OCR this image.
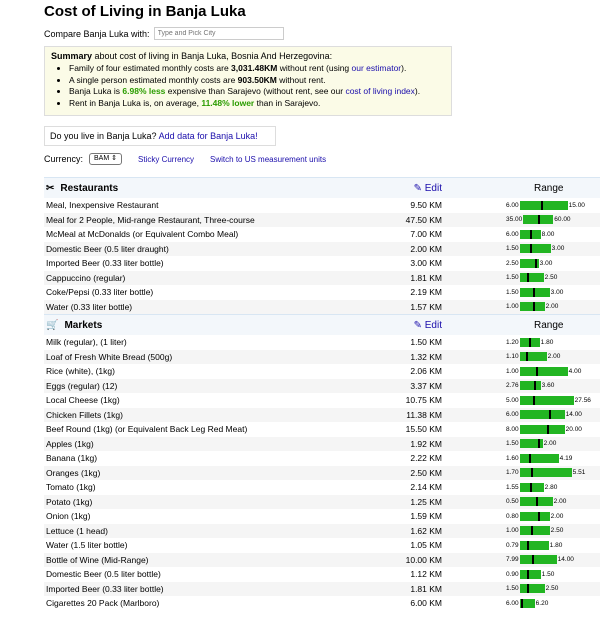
Cost of Living in Banja Luka
Compare Banja Luka with:
Type and Pick City
Summary about cost of living in Banja Luka, Bosnia And Herzegovina:
• Family of four estimated monthly costs are 3,031.48KM without rent (using our estimator).
• A single person estimated monthly costs are 903.50KM without rent.
• Banja Luka is 6.98% less expensive than Sarajevo (without rent, see our cost of living index).
• Rent in Banja Luka is, on average, 11.48% lower than in Sarajevo.
Do you live in Banja Luka? Add data for Banja Luka!
Currency:	BAM ⇕	Sticky Currency Switch to US measurement units
✂ Restaurants	✎ Edit	Range
Meal, Inexpensive Restaurant	9.50 KM	6.00 15.00

Meal for 2 People, Mid-range Restaurant, Three-course	47.50 KM	35.00 60.00

McMeal at McDonalds (or Equivalent Combo Meal)	7.00 KM	6.00 8.00

Domestic Beer (0.5 liter draught)	2.00 KM	1.50 3.00

Imported Beer (0.33 liter bottle)	3.00 KM	2.50 3.00

Cappuccino (regular)	1.81 KM	1.50 2.50

Coke/Pepsi (0.33 liter bottle)	2.19 KM	1.50 3.00

Water (0.33 liter bottle)	1.57 KM	1.00 2.00

🛒 Markets	✎ Edit	Range
Milk (regular), (1 liter)	1.50 KM	1.20 1.80

Loaf of Fresh White Bread (500g)	1.32 KM	1.10 2.00

Rice (white), (1kg)	2.06 KM	1.00 4.00

Eggs (regular) (12)	3.37 KM	2.76 3.60

Local Cheese (1kg)	10.75 KM	5.00 27.56

Chicken Fillets (1kg)	11.38 KM	6.00 14.00

Beef Round (1kg) (or Equivalent Back Leg Red Meat)	15.50 KM	8.00 20.00

Apples (1kg)	1.92 KM	1.50 2.00

Banana (1kg)	2.22 KM	1.60 4.19

Oranges (1kg)	2.50 KM	1.70 5.51

Tomato (1kg)	2.14 KM	1.55 2.80

Potato (1kg)	1.25 KM	0.50 2.00

Onion (1kg)	1.59 KM	0.80 2.00

Lettuce (1 head)	1.62 KM	1.00 2.50

Water (1.5 liter bottle)	1.05 KM	0.79 1.80

Bottle of Wine (Mid-Range)	10.00 KM	7.99 14.00

Domestic Beer (0.5 liter bottle)	1.12 KM	0.90 1.50

Imported Beer (0.33 liter bottle)	1.81 KM	1.50 2.50

Cigarettes 20 Pack (Marlboro)	6.00 KM	6.00 6.20
